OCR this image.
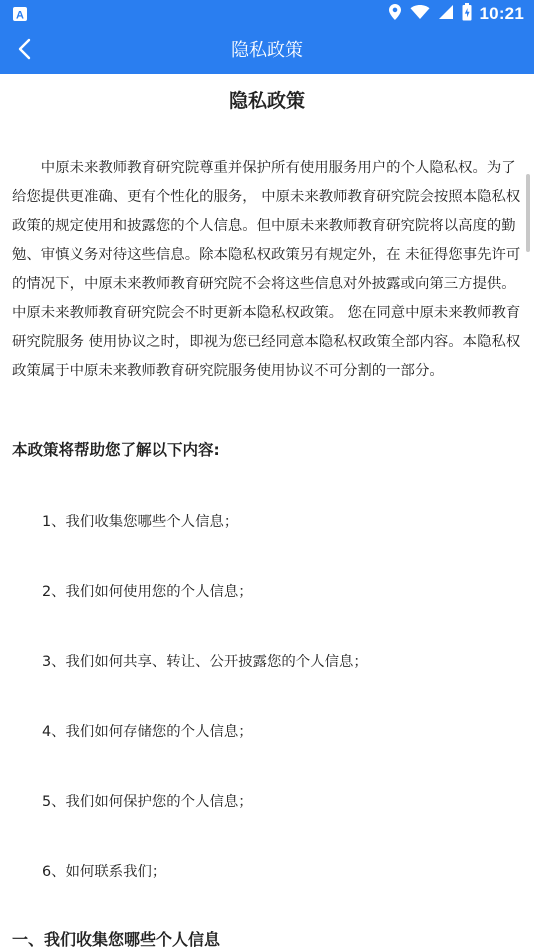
A	10:21
隐私政策
隐私政策
中原未来教师教育研究院尊重并保护所有使用服务用户的个人隐私权。为了给您提供更准确、更有个性化的服务， 中原未来教师教育研究院会按照本隐私权政策的规定使用和披露您的个人信息。但中原未来教师教育研究院将以高度的勤勉、审慎义务对待这些信息。除本隐私权政策另有规定外，在 未征得您事先许可的情况下，中原未来教师教育研究院不会将这些信息对外披露或向第三方提供。中原未来教师教育研究院会不时更新本隐私权政策。 您在同意中原未来教师教育研究院服务 使用协议之时，即视为您已经同意本隐私权政策全部内容。本隐私权政策属于中原未来教师教育研究院服务使用协议不可分割的一部分。
本政策将帮助您了解以下内容:
1、我们收集您哪些个人信息；
2、我们如何使用您的个人信息；
3、我们如何共享、转让、公开披露您的个人信息；
4、我们如何存储您的个人信息；
5、我们如何保护您的个人信息；
6、如何联系我们；
一、我们收集您哪些个人信息
